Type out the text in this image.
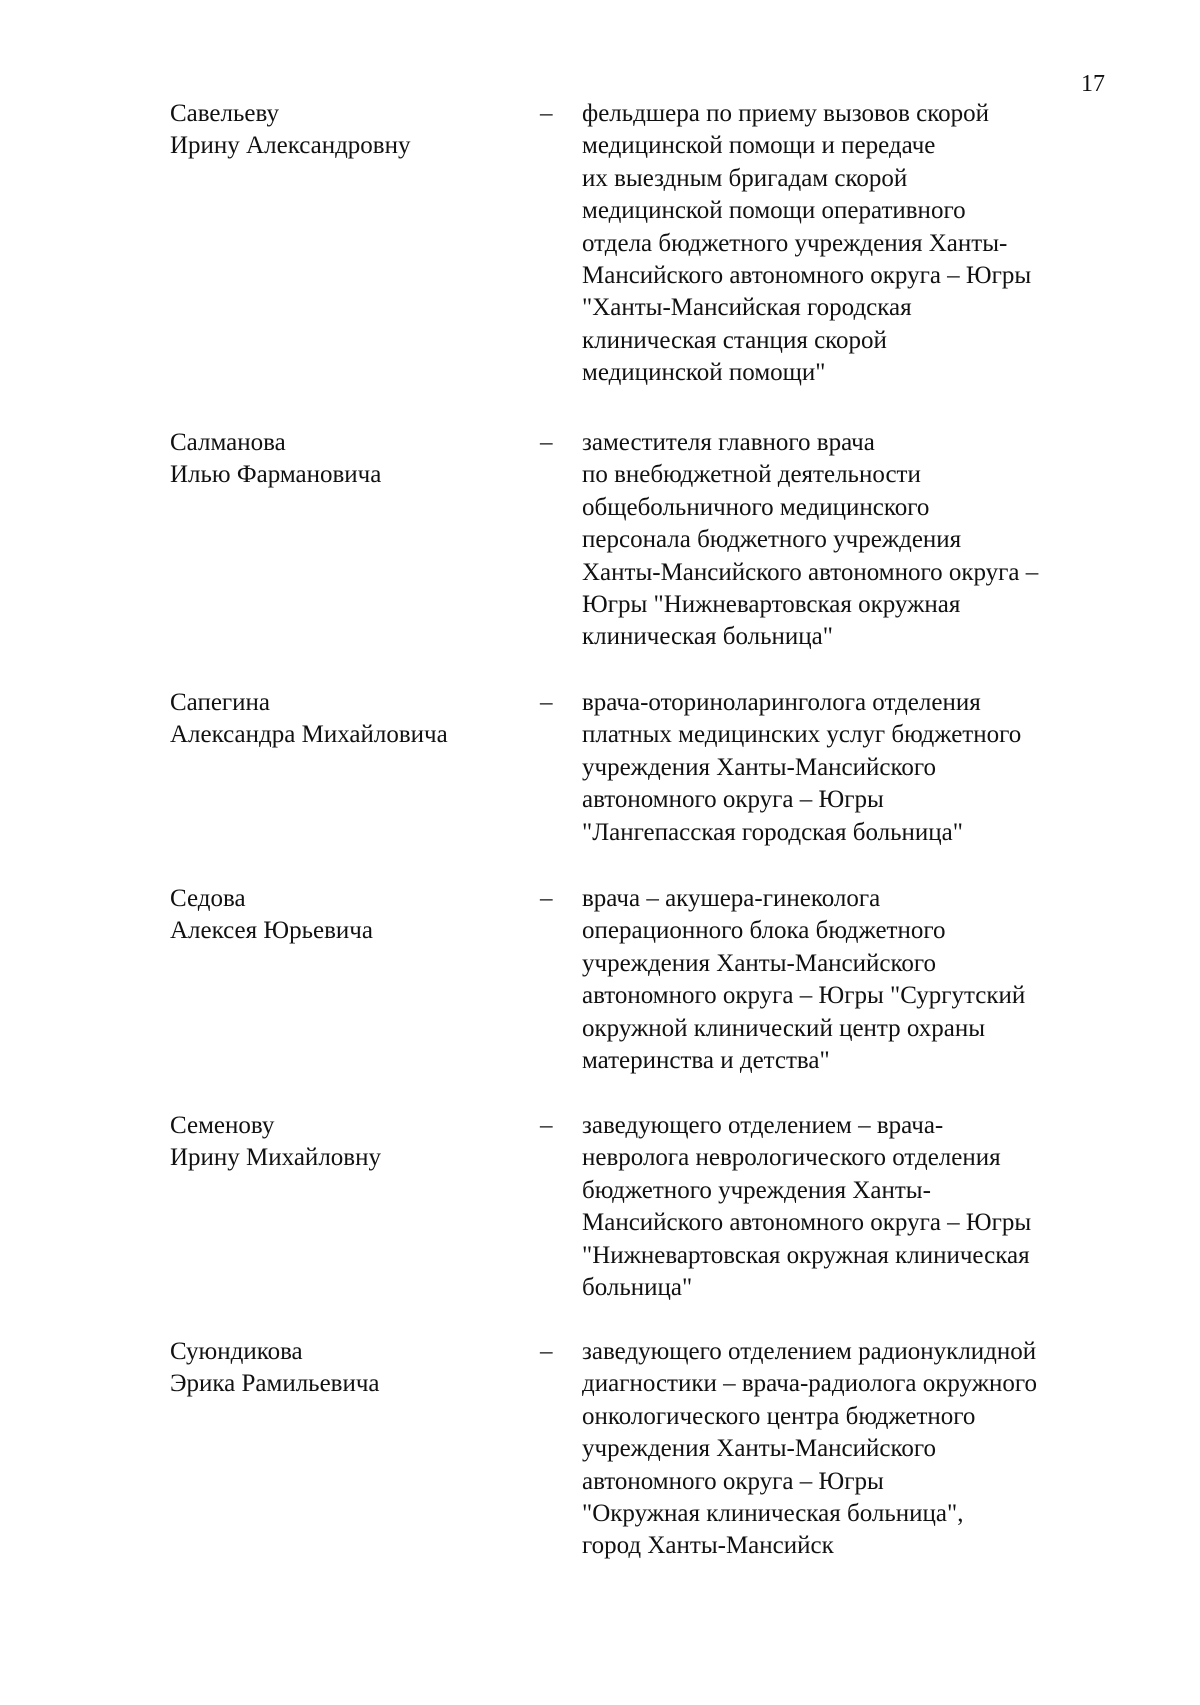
17
Савельеву
Ирину Александровну
–	фельдшера по приему вызовов скорой
медицинской помощи и передаче
их выездным бригадам скорой
медицинской помощи оперативного
отдела бюджетного учреждения Ханты-
Мансийского автономного округа – Югры
"Ханты-Мансийская городская
клиническая станция скорой
медицинской помощи"
Салманова
Илью Фармановича
–	заместителя главного врача
по внебюджетной деятельности
общебольничного медицинского
персонала бюджетного учреждения
Ханты-Мансийского автономного округа –
Югры "Нижневартовская окружная
клиническая больница"
Сапегина
Александра Михайловича
–	врача-оториноларинголога отделения
платных медицинских услуг бюджетного
учреждения Ханты-Мансийского
автономного округа – Югры
"Лангепасская городская больница"
Седова
Алексея Юрьевича
–	врача – акушера-гинеколога
операционного блока бюджетного
учреждения Ханты-Мансийского
автономного округа – Югры "Сургутский
окружной клинический центр охраны
материнства и детства"
Семенову
Ирину Михайловну
–	заведующего отделением – врача-
невролога неврологического отделения
бюджетного учреждения Ханты-
Мансийского автономного округа – Югры
"Нижневартовская окружная клиническая
больница"
Суюндикова
Эрика Рамильевича
–	заведующего отделением радионуклидной
диагностики – врача-радиолога окружного
онкологического центра бюджетного
учреждения Ханты-Мансийского
автономного округа – Югры
"Окружная клиническая больница",
город Ханты-Мансийск
